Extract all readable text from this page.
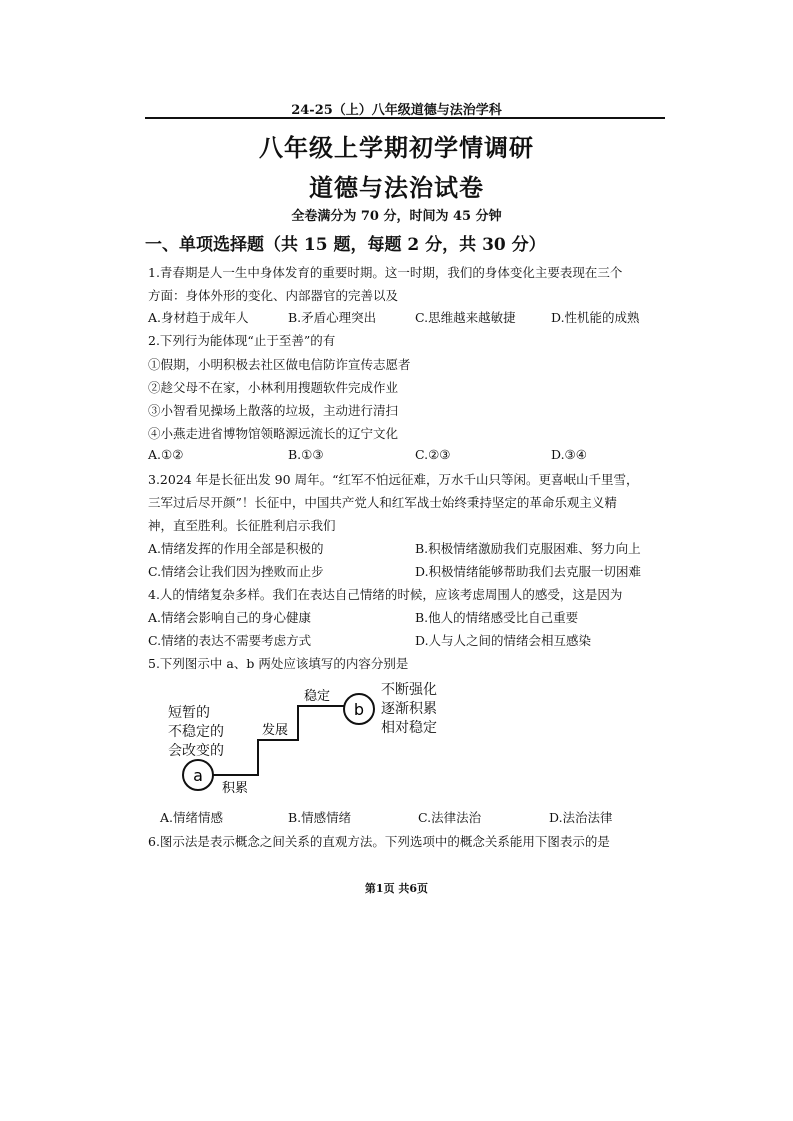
24-25（上）八年级道德与法治学科
八年级上学期初学情调研
道德与法治试卷
全卷满分为 70 分，时间为 45 分钟
一、单项选择题（共 15 题，每题 2 分，共 30 分）
1.青春期是人一生中身体发育的重要时期。这一时期，我们的身体变化主要表现在三个
方面：身体外形的变化、内部器官的完善以及
A.身材趋于成年人	B.矛盾心理突出	C.思维越来越敏捷	D.性机能的成熟
2.下列行为能体现“止于至善”的有
①假期，小明积极去社区做电信防诈宣传志愿者
②趁父母不在家，小林利用搜题软件完成作业
③小智看见操场上散落的垃圾，主动进行清扫
④小燕走进省博物馆领略源远流长的辽宁文化
A.①②	B.①③	C.②③	D.③④
3.2024 年是长征出发 90 周年。“红军不怕远征难，万水千山只等闲。更喜岷山千里雪，
三军过后尽开颜”！长征中，中国共产党人和红军战士始终秉持坚定的革命乐观主义精
神，直至胜利。长征胜利启示我们
A.情绪发挥的作用全部是积极的	B.积极情绪激励我们克服困难、努力向上
C.情绪会让我们因为挫败而止步	D.积极情绪能够帮助我们去克服一切困难
4.人的情绪复杂多样。我们在表达自己情绪的时候，应该考虑周围人的感受，这是因为
A.情绪会影响自己的身心健康	B.他人的情绪感受比自己重要
C.情绪的表达不需要考虑方式	D.人与人之间的情绪会相互感染
5.下列图示中 a、b 两处应该填写的内容分别是
a
b
积累
发展
稳定
短暂的
不稳定的
会改变的
不断强化
逐渐积累
相对稳定
A.情绪情感	B.情感情绪	C.法律法治	D.法治法律
6.图示法是表示概念之间关系的直观方法。下列选项中的概念关系能用下图表示的是
第1页 共6页
